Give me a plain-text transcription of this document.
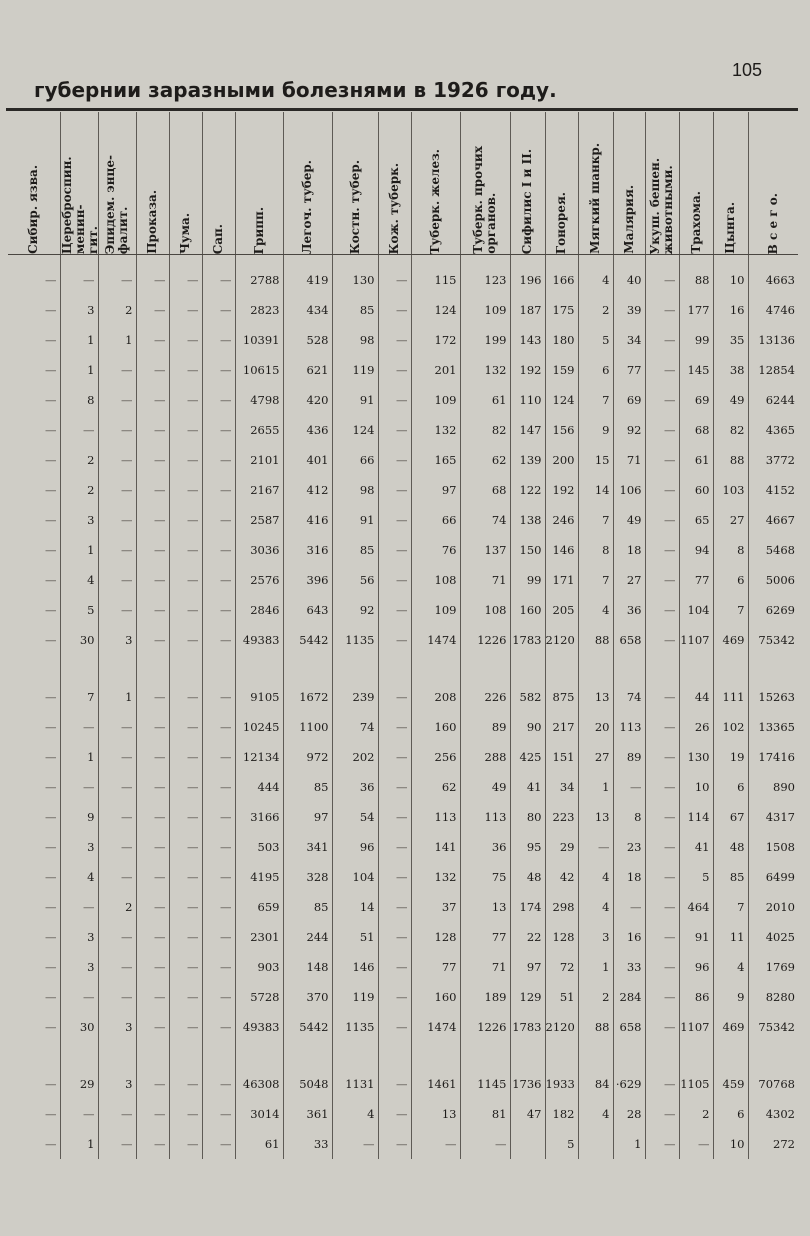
105
губернии заразными болезнями в 1926 году.
Сибир. язва.	Цереброспин. менин-
гит.	Эпидем. энце-
фалит.	Проказа.	Чума.	Сап.	Грипп.	Легоч. тубер.	Костн. тубер.	Кож. туберк.	Туберк. желез.	Туберк. прочих
органов.	Сифилис I и II.	Гонорея.	Мягкий шанкр.	Малярия.	Укуш. бешен.
животными.	Трахома.	Цынга.	В с е г о.

—	—	—	—	—	—	2788	419	130	—	115	123	196	166	4	40	—	88	10	4663
—	3	2	—	—	—	2823	434	85	—	124	109	187	175	2	39	—	177	16	4746
—	1	1	—	—	—	10391	528	98	—	172	199	143	180	5	34	—	99	35	13136
—	1	—	—	—	—	10615	621	119	—	201	132	192	159	6	77	—	145	38	12854
—	8	—	—	—	—	4798	420	91	—	109	61	110	124	7	69	—	69	49	6244
—	—	—	—	—	—	2655	436	124	—	132	82	147	156	9	92	—	68	82	4365
—	2	—	—	—	—	2101	401	66	—	165	62	139	200	15	71	—	61	88	3772
—	2	—	—	—	—	2167	412	98	—	97	68	122	192	14	106	—	60	103	4152
—	3	—	—	—	—	2587	416	91	—	66	74	138	246	7	49	—	65	27	4667
—	1	—	—	—	—	3036	316	85	—	76	137	150	146	8	18	—	94	8	5468
—	4	—	—	—	—	2576	396	56	—	108	71	99	171	7	27	—	77	6	5006
—	5	—	—	—	—	2846	643	92	—	109	108	160	205	4	36	—	104	7	6269
—	30	3	—	—	—	49383	5442	1135	—	1474	1226	1783	2120	88	658	—	1107	469	75342

—	7	1	—	—	—	9105	1672	239	—	208	226	582	875	13	74	—	44	111	15263
—	—	—	—	—	—	10245	1100	74	—	160	89	90	217	20	113	—	26	102	13365
—	1	—	—	—	—	12134	972	202	—	256	288	425	151	27	89	—	130	19	17416
—	—	—	—	—	—	444	85	36	—	62	49	41	34	1	—	—	10	6	890
—	9	—	—	—	—	3166	97	54	—	113	113	80	223	13	8	—	114	67	4317
—	3	—	—	—	—	503	341	96	—	141	36	95	29	—	23	—	41	48	1508
—	4	—	—	—	—	4195	328	104	—	132	75	48	42	4	18	—	5	85	6499
—	—	2	—	—	—	659	85	14	—	37	13	174	298	4	—	—	464	7	2010
—	3	—	—	—	—	2301	244	51	—	128	77	22	128	3	16	—	91	11	4025
—	3	—	—	—	—	903	148	146	—	77	71	97	72	1	33	—	96	4	1769
—	—	—	—	—	—	5728	370	119	—	160	189	129	51	2	284	—	86	9	8280
—	30	3	—	—	—	49383	5442	1135	—	1474	1226	1783	2120	88	658	—	1107	469	75342

—	29	3	—	—	—	46308	5048	1131	—	1461	1145	1736	1933	84	·629	—	1105	459	70768
—	—	—	—	—	—	3014	361	4	—	13	81	47	182	4	28	—	2	6	4302
—	1	—	—	—	—	61	33	—	—	—	—		5		1	—	—	10	272
